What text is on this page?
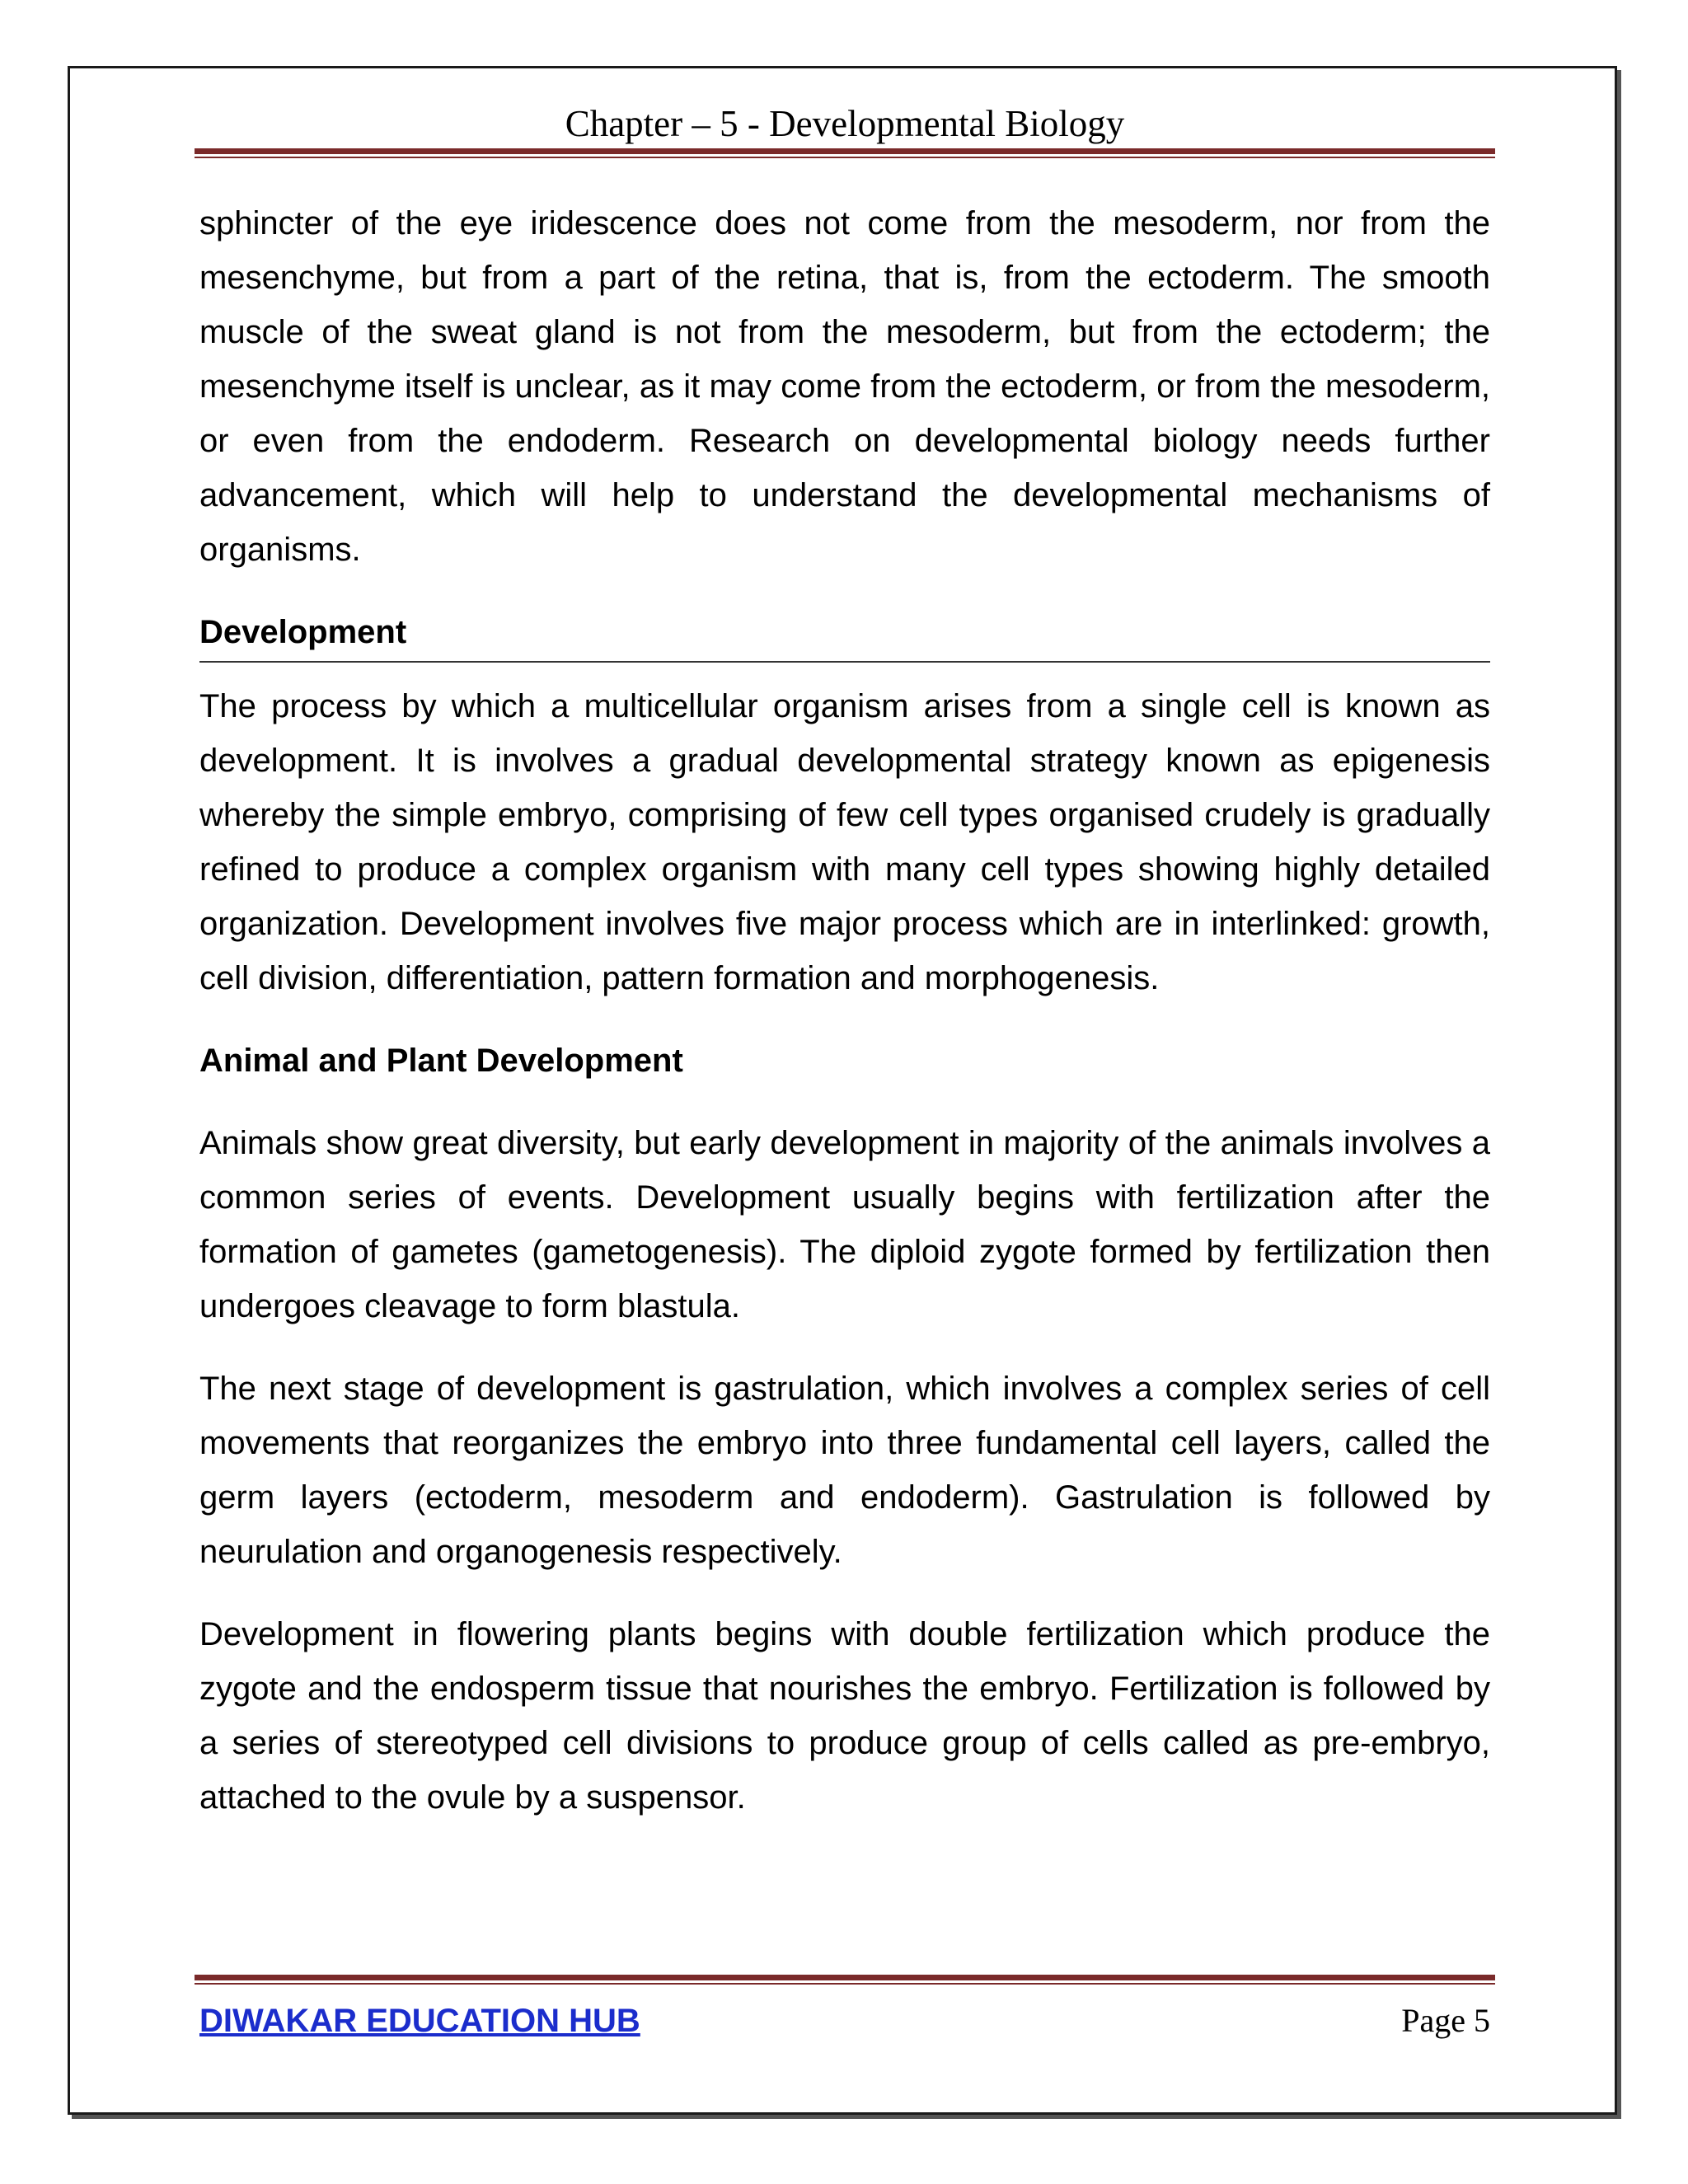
Chapter – 5 - Developmental Biology

sphincter of the eye iridescence does not come from the mesoderm, nor from the mesenchyme, but from a part of the retina, that is, from the ectoderm. The smooth muscle of the sweat gland is not from the mesoderm, but from the ectoderm; the mesenchyme itself is unclear, as it may come from the ectoderm, or from the mesoderm, or even from the endoderm. Research on developmental biology needs further advancement, which will help to understand the developmental mechanisms of organisms.

Development

The process by which a multicellular organism arises from a single cell is known as development. It is involves a gradual developmental strategy known as epigenesis whereby the simple embryo, comprising of few cell types organised crudely is gradually refined to produce a complex organism with many cell types showing highly detailed organization. Development involves five major process which are in interlinked: growth, cell division, differentiation, pattern formation and morphogenesis.

Animal and Plant Development

Animals show great diversity, but early development in majority of the animals involves a common series of events. Development usually begins with fertilization after the formation of gametes (gametogenesis). The diploid zygote formed by fertilization then undergoes cleavage to form blastula.

The next stage of development is gastrulation, which involves a complex series of cell movements that reorganizes the embryo into three fundamental cell layers, called the germ layers (ectoderm, mesoderm and endoderm). Gastrulation is followed by neurulation and organogenesis respectively.

Development in flowering plants begins with double fertilization which produce the zygote and the endosperm tissue that nourishes the embryo. Fertilization is followed by a series of stereotyped cell divisions to produce group of cells called as pre-embryo, attached to the ovule by a suspensor.

DIWAKAR EDUCATION HUB	Page 5
